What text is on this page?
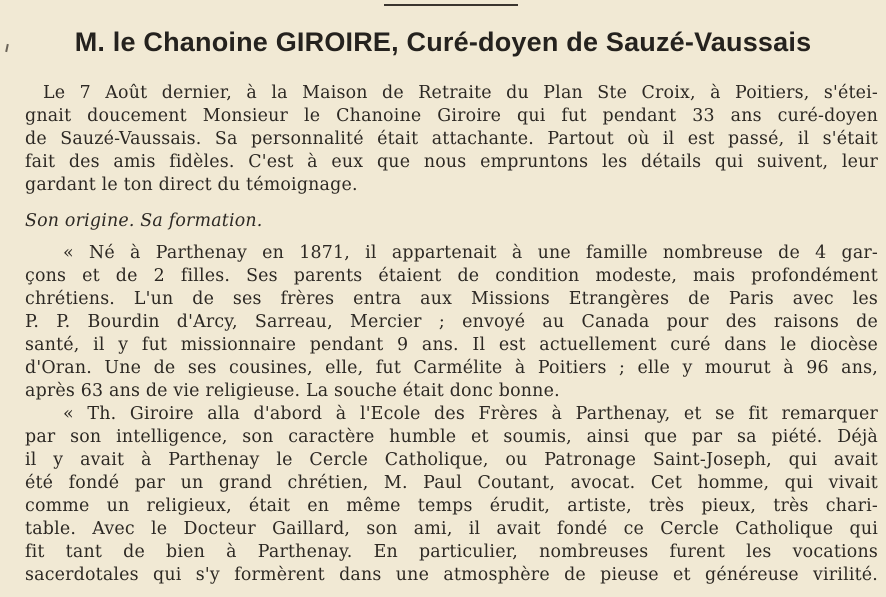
M. le Chanoine GIROIRE, Curé-doyen de Sauzé-Vaussais
Le 7 Août dernier, à la Maison de Retraite du Plan Ste Croix, à Poitiers, s'étei-
gnait doucement Monsieur le Chanoine Giroire qui fut pendant 33 ans curé-doyen
de Sauzé-Vaussais. Sa personnalité était attachante. Partout où il est passé, il s'était
fait des amis fidèles. C'est à eux que nous empruntons les détails qui suivent, leur
gardant le ton direct du témoignage.
Son origine. Sa formation.
« Né à Parthenay en 1871, il appartenait à une famille nombreuse de 4 gar-
çons et de 2 filles. Ses parents étaient de condition modeste, mais profondément
chrétiens. L'un de ses frères entra aux Missions Etrangères de Paris avec les
P. P. Bourdin d'Arcy, Sarreau, Mercier ; envoyé au Canada pour des raisons de
santé, il y fut missionnaire pendant 9 ans. Il est actuellement curé dans le diocèse
d'Oran. Une de ses cousines, elle, fut Carmélite à Poitiers ; elle y mourut à 96 ans,
après 63 ans de vie religieuse. La souche était donc bonne.
« Th. Giroire alla d'abord à l'Ecole des Frères à Parthenay, et se fit remarquer
par son intelligence, son caractère humble et soumis, ainsi que par sa piété. Déjà
il y avait à Parthenay le Cercle Catholique, ou Patronage Saint-Joseph, qui avait
été fondé par un grand chrétien, M. Paul Coutant, avocat. Cet homme, qui vivait
comme un religieux, était en même temps érudit, artiste, très pieux, très chari-
table. Avec le Docteur Gaillard, son ami, il avait fondé ce Cercle Catholique qui
fit tant de bien à Parthenay. En particulier, nombreuses furent les vocations
sacerdotales qui s'y formèrent dans une atmosphère de pieuse et généreuse virilité.
